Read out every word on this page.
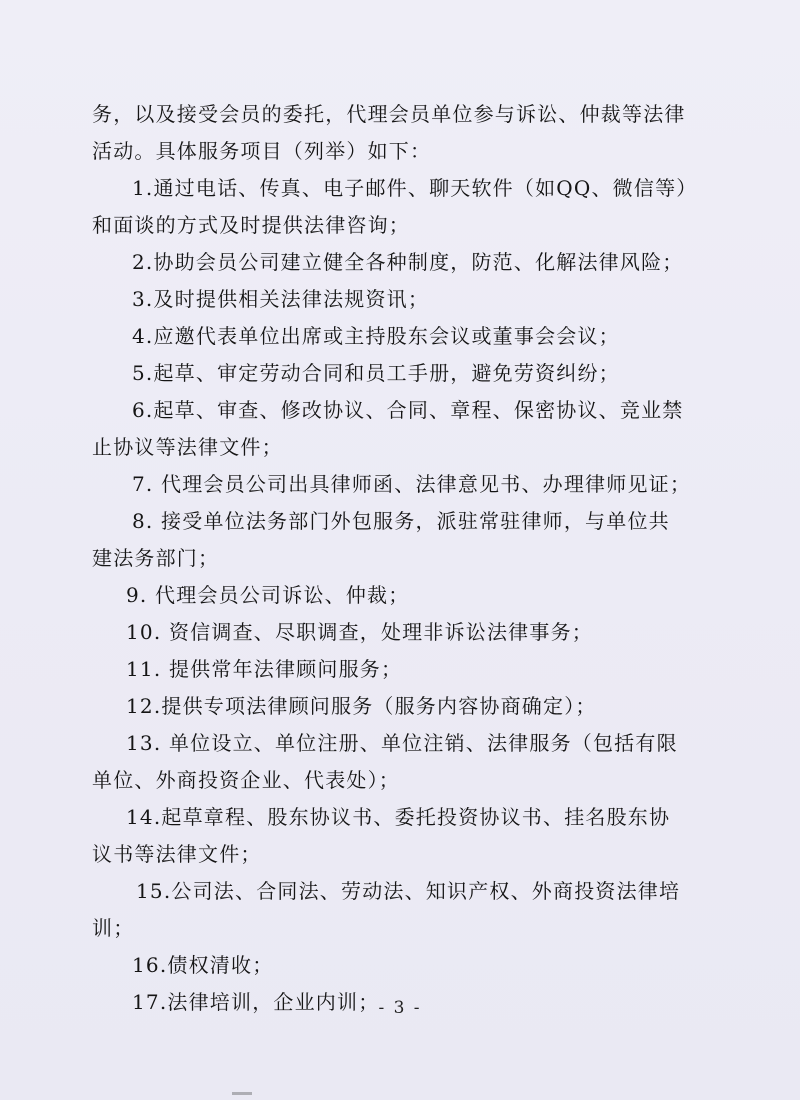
务，以及接受会员的委托，代理会员单位参与诉讼、仲裁等法律
活动。具体服务项目（列举）如下：
1.通过电话、传真、电子邮件、聊天软件（如QQ、微信等）
和面谈的方式及时提供法律咨询；
2.协助会员公司建立健全各种制度，防范、化解法律风险；
3.及时提供相关法律法规资讯；
4.应邀代表单位出席或主持股东会议或董事会会议；
5.起草、审定劳动合同和员工手册，避免劳资纠纷；
6.起草、审查、修改协议、合同、章程、保密协议、竞业禁
止协议等法律文件；
7. 代理会员公司出具律师函、法律意见书、办理律师见证；
8. 接受单位法务部门外包服务，派驻常驻律师，与单位共
建法务部门；
9. 代理会员公司诉讼、仲裁；
10. 资信调查、尽职调查，处理非诉讼法律事务；
11. 提供常年法律顾问服务；
12.提供专项法律顾问服务（服务内容协商确定）；
13. 单位设立、单位注册、单位注销、法律服务（包括有限
单位、外商投资企业、代表处）；
14.起草章程、股东协议书、委托投资协议书、挂名股东协
议书等法律文件；
15.公司法、合同法、劳动法、知识产权、外商投资法律培
训；
16.债权清收；
17.法律培训，企业内训； - 3 -
